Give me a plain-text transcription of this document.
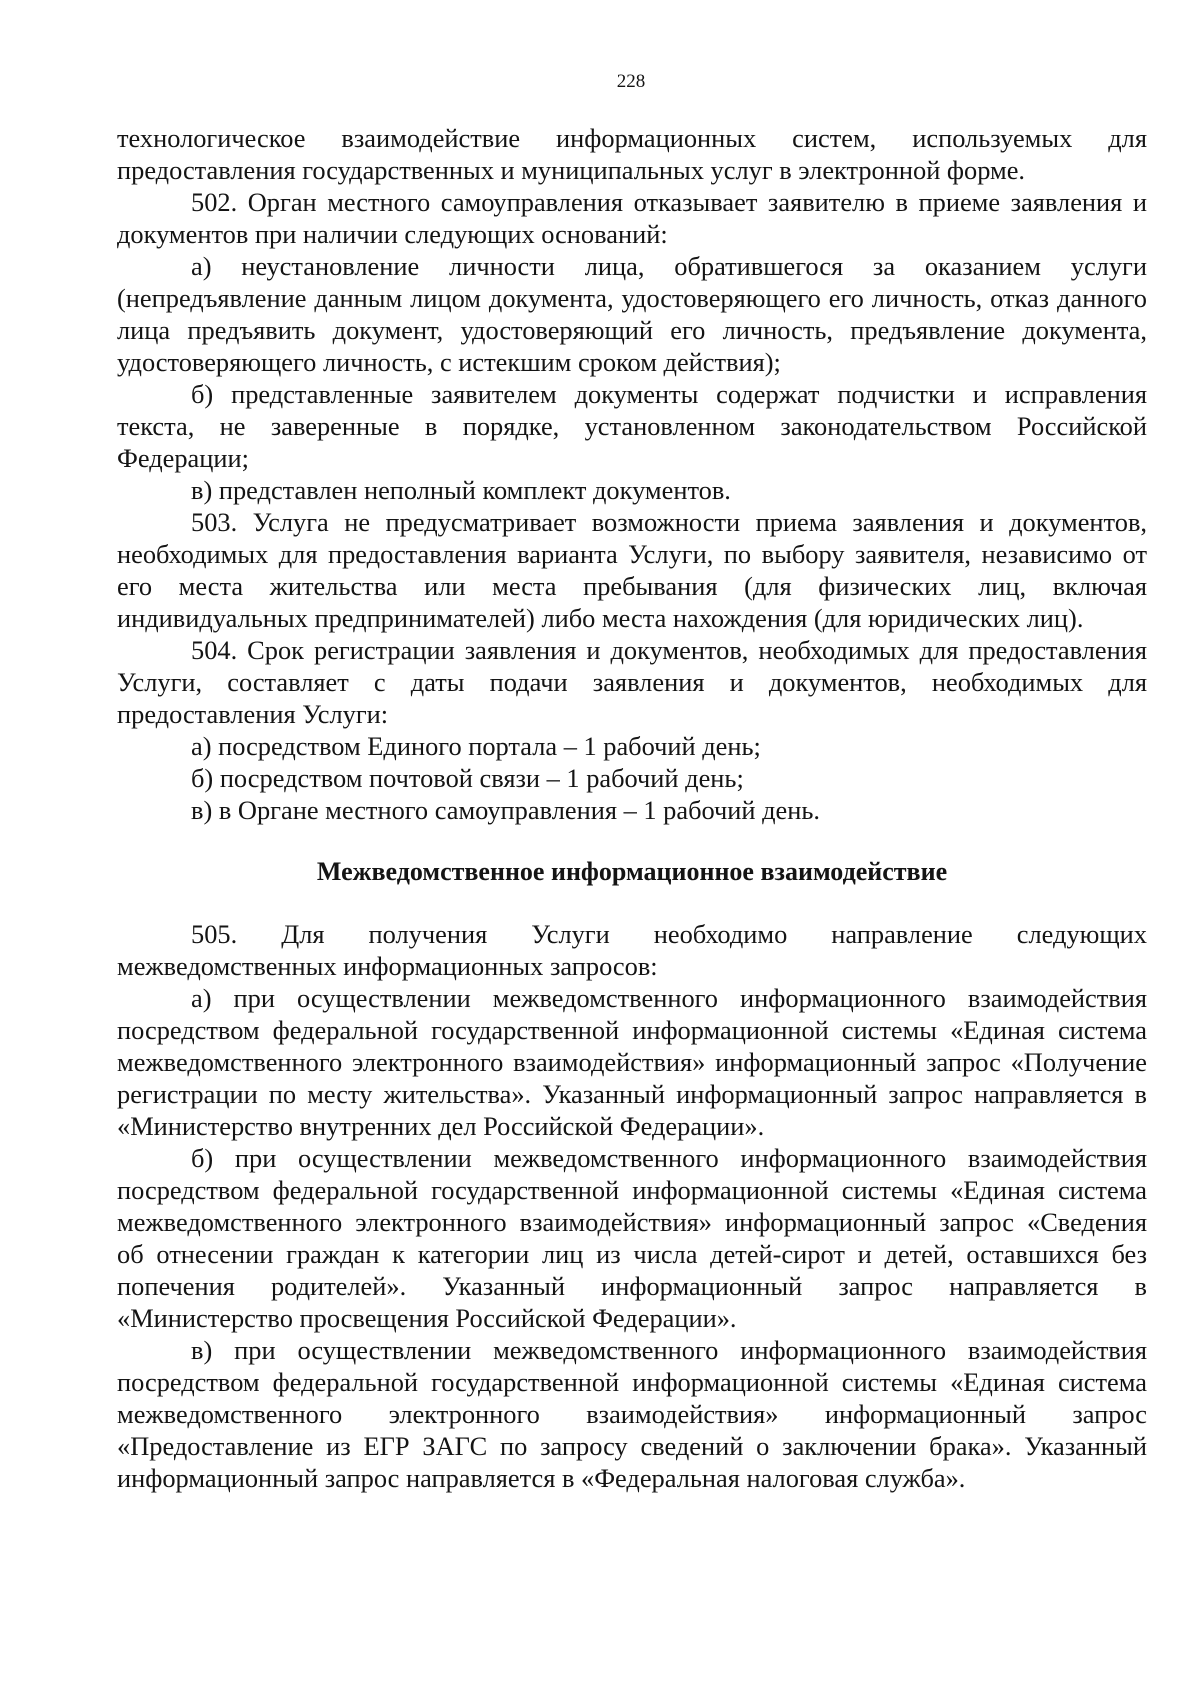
228

технологическое взаимодействие информационных систем, используемых для предоставления государственных и муниципальных услуг в электронной форме.

502. Орган местного самоуправления отказывает заявителю в приеме заявления и документов при наличии следующих оснований:

а) неустановление личности лица, обратившегося за оказанием услуги (непредъявление данным лицом документа, удостоверяющего его личность, отказ данного лица предъявить документ, удостоверяющий его личность, предъявление документа, удостоверяющего личность, с истекшим сроком действия);

б) представленные заявителем документы содержат подчистки и исправления текста, не заверенные в порядке, установленном законодательством Российской Федерации;

в) представлен неполный комплект документов.

503. Услуга не предусматривает возможности приема заявления и документов, необходимых для предоставления варианта Услуги, по выбору заявителя, независимо от его места жительства или места пребывания (для физических лиц, включая индивидуальных предпринимателей) либо места нахождения (для юридических лиц).

504. Срок регистрации заявления и документов, необходимых для предоставления Услуги, составляет с даты подачи заявления и документов, необходимых для предоставления Услуги:

а) посредством Единого портала – 1 рабочий день;

б) посредством почтовой связи – 1 рабочий день;

в) в Органе местного самоуправления – 1 рабочий день.

Межведомственное информационное взаимодействие

505. Для получения Услуги необходимо направление следующих межведомственных информационных запросов:

а) при осуществлении межведомственного информационного взаимодействия посредством федеральной государственной информационной системы «Единая система межведомственного электронного взаимодействия» информационный запрос «Получение регистрации по месту жительства». Указанный информационный запрос направляется в «Министерство внутренних дел Российской Федерации».

б) при осуществлении межведомственного информационного взаимодействия посредством федеральной государственной информационной системы «Единая система межведомственного электронного взаимодействия» информационный запрос «Сведения об отнесении граждан к категории лиц из числа детей-сирот и детей, оставшихся без попечения родителей». Указанный информационный запрос направляется в «Министерство просвещения Российской Федерации».

в) при осуществлении межведомственного информационного взаимодействия посредством федеральной государственной информационной системы «Единая система межведомственного электронного взаимодействия» информационный запрос «Предоставление из ЕГР ЗАГС по запросу сведений о заключении брака». Указанный информационный запрос направляется в «Федеральная налоговая служба».
